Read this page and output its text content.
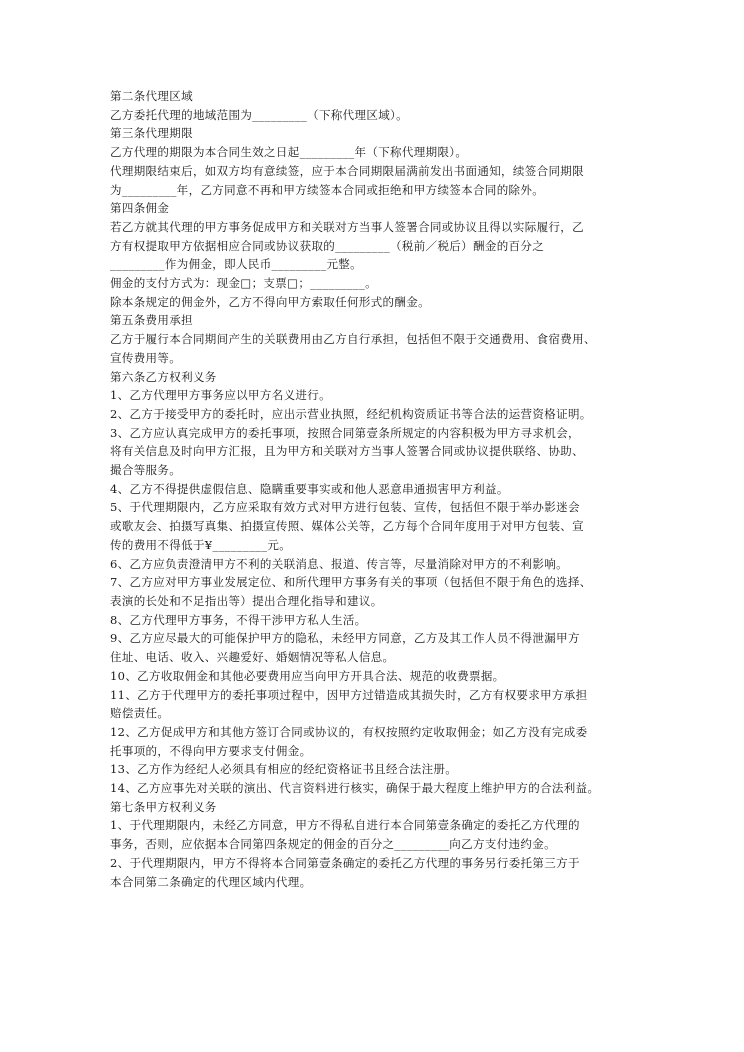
第二条代理区域
乙方委托代理的地域范围为_________（下称代理区域）。
第三条代理期限
乙方代理的期限为本合同生效之日起_________年（下称代理期限）。
代理期限结束后，如双方均有意续签，应于本合同期限届满前发出书面通知，续签合同期限
为_________年，乙方同意不再和甲方续签本合同或拒绝和甲方续签本合同的除外。
第四条佣金
若乙方就其代理的甲方事务促成甲方和关联对方当事人签署合同或协议且得以实际履行，乙
方有权提取甲方依据相应合同或协议获取的_________（税前／税后）酬金的百分之
_________作为佣金，即人民币_________元整。
佣金的支付方式为：现金□；支票□；_________。
除本条规定的佣金外，乙方不得向甲方索取任何形式的酬金。
第五条费用承担
乙方于履行本合同期间产生的关联费用由乙方自行承担，包括但不限于交通费用、食宿费用、
宣传费用等。
第六条乙方权利义务
1、乙方代理甲方事务应以甲方名义进行。
2、乙方于接受甲方的委托时，应出示营业执照，经纪机构资质证书等合法的运营资格证明。
3、乙方应认真完成甲方的委托事项，按照合同第壹条所规定的内容积极为甲方寻求机会，
将有关信息及时向甲方汇报，且为甲方和关联对方当事人签署合同或协议提供联络、协助、
撮合等服务。
4、乙方不得提供虚假信息、隐瞒重要事实或和他人恶意串通损害甲方利益。
5、于代理期限内，乙方应采取有效方式对甲方进行包装、宣传，包括但不限于举办影迷会
或歌友会、拍摄写真集、拍摄宣传照、媒体公关等，乙方每个合同年度用于对甲方包装、宣
传的费用不得低于¥_________元。
6、乙方应负责澄清甲方不利的关联消息、报道、传言等，尽量消除对甲方的不利影响。
7、乙方应对甲方事业发展定位、和所代理甲方事务有关的事项（包括但不限于角色的选择、
表演的长处和不足指出等）提出合理化指导和建议。
8、乙方代理甲方事务，不得干涉甲方私人生活。
9、乙方应尽最大的可能保护甲方的隐私，未经甲方同意，乙方及其工作人员不得泄漏甲方
住址、电话、收入、兴趣爱好、婚姻情况等私人信息。
10、乙方收取佣金和其他必要费用应当向甲方开具合法、规范的收费票据。
11、乙方于代理甲方的委托事项过程中，因甲方过错造成其损失时，乙方有权要求甲方承担
赔偿责任。
12、乙方促成甲方和其他方签订合同或协议的，有权按照约定收取佣金；如乙方没有完成委
托事项的，不得向甲方要求支付佣金。
13、乙方作为经纪人必须具有相应的经纪资格证书且经合法注册。
14、乙方应事先对关联的演出、代言资料进行核实，确保于最大程度上维护甲方的合法利益。
第七条甲方权利义务
1、于代理期限内，未经乙方同意，甲方不得私自进行本合同第壹条确定的委托乙方代理的
事务，否则，应依据本合同第四条规定的佣金的百分之_________向乙方支付违约金。
2、于代理期限内，甲方不得将本合同第壹条确定的委托乙方代理的事务另行委托第三方于
本合同第二条确定的代理区域内代理。
